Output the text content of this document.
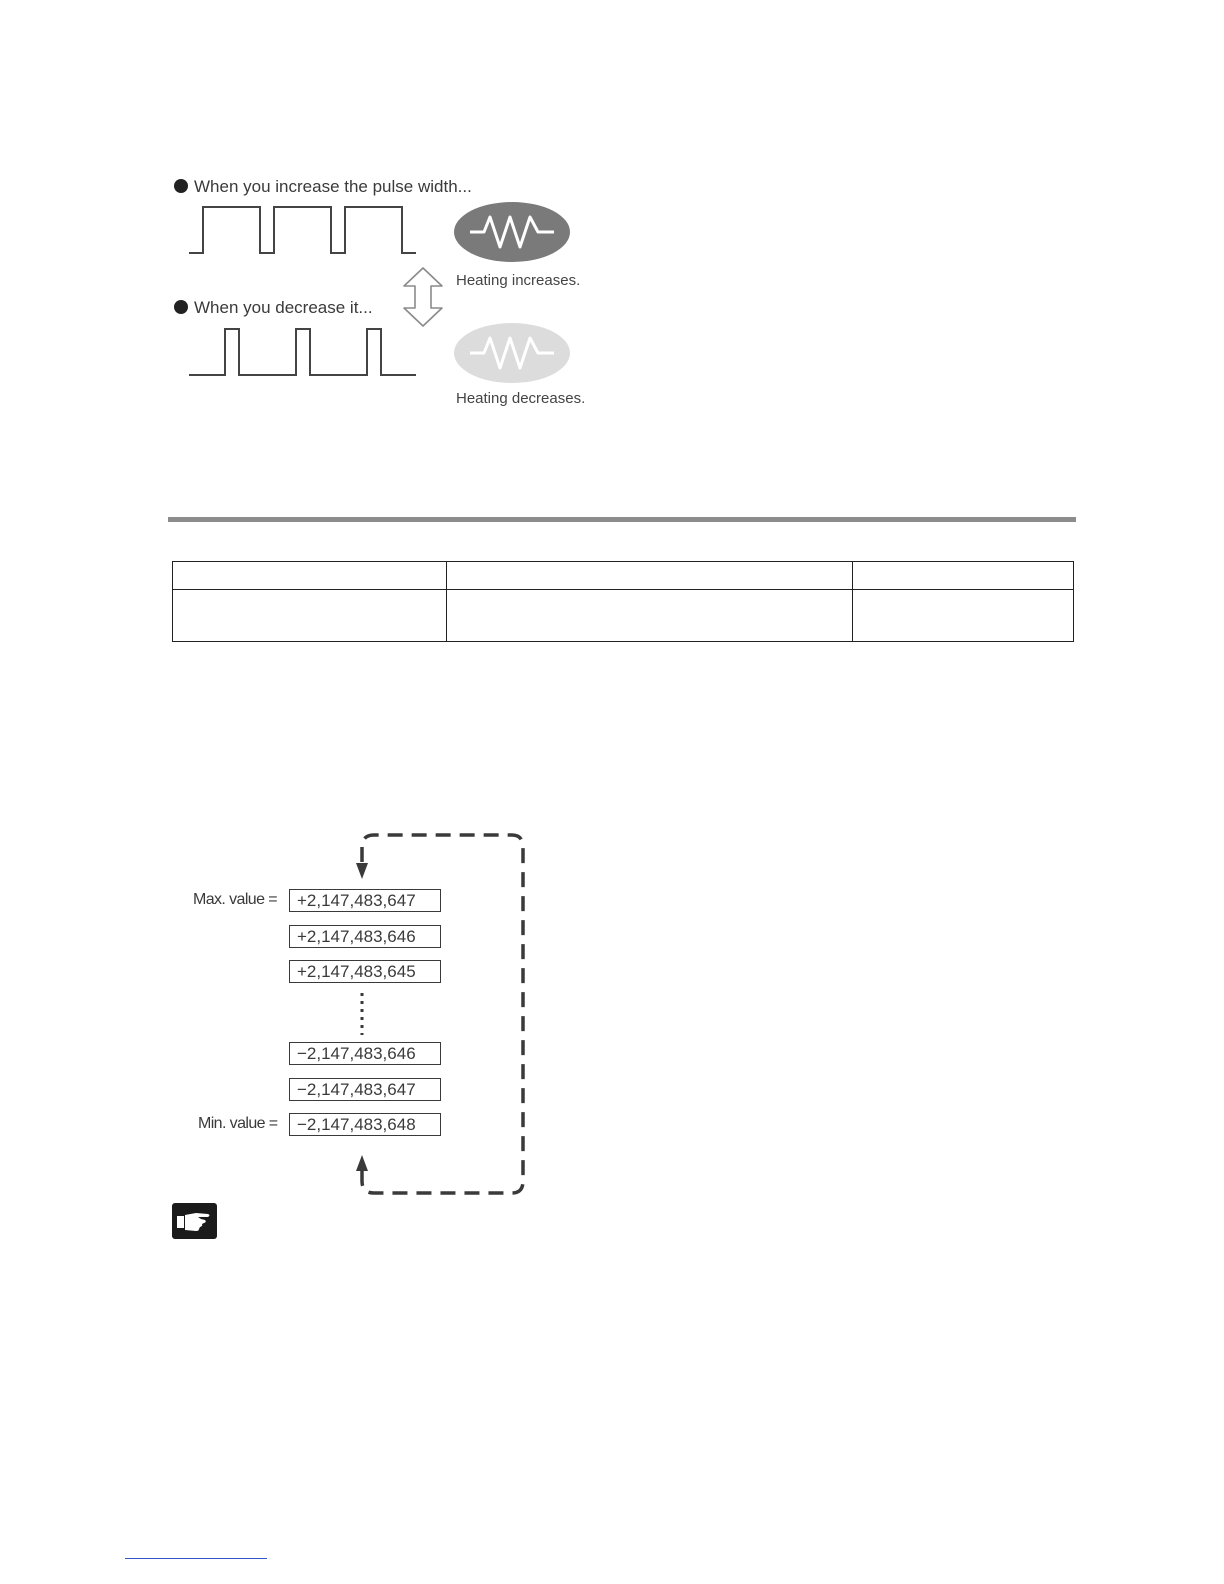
When you increase the pulse width...
When you decrease it...
Heating increases.
Heating decreases.

Max. value =
Min. value =
+2,147,483,647
+2,147,483,646
+2,147,483,645
−2,147,483,646
−2,147,483,647
−2,147,483,648
